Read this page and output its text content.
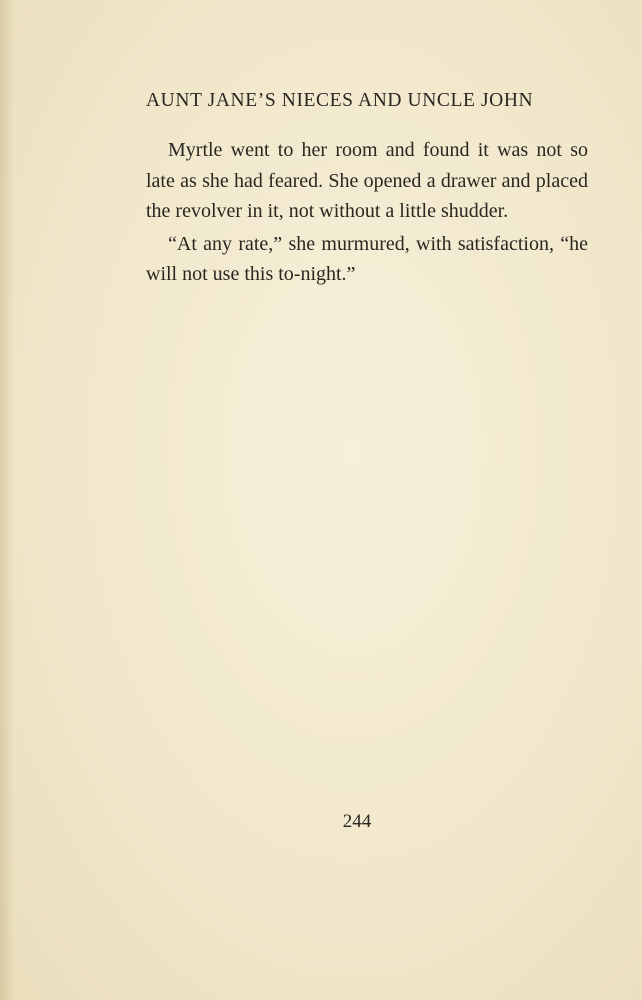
AUNT JANE’S NIECES AND UNCLE JOHN

Myrtle went to her room and found it was not so late as she had feared. She opened a drawer and placed the revolver in it, not without a little shudder.

“At any rate,” she murmured, with satisfaction, “he will not use this to-night.”

244
